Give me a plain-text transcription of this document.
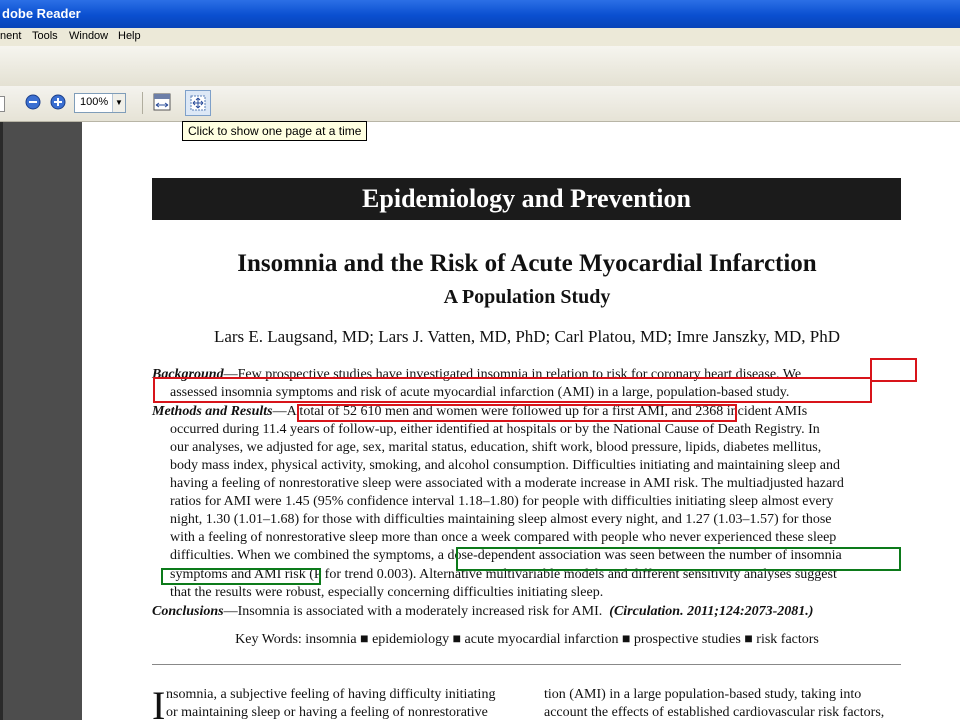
dobe Reader
nent Tools Window Help
100% ▼
Click to show one page at a time
Epidemiology and Prevention
Insomnia and the Risk of Acute Myocardial Infarction
A Population Study
Lars E. Laugsand, MD; Lars J. Vatten, MD, PhD; Carl Platou, MD; Imre Janszky, MD, PhD
Background—Few prospective studies have investigated insomnia in relation to risk for coronary heart disease. We
assessed insomnia symptoms and risk of acute myocardial infarction (AMI) in a large, population-based study.
Methods and Results—A total of 52 610 men and women were followed up for a first AMI, and 2368 incident AMIs
occurred during 11.4 years of follow-up, either identified at hospitals or by the National Cause of Death Registry. In
our analyses, we adjusted for age, sex, marital status, education, shift work, blood pressure, lipids, diabetes mellitus,
body mass index, physical activity, smoking, and alcohol consumption. Difficulties initiating and maintaining sleep and
having a feeling of nonrestorative sleep were associated with a moderate increase in AMI risk. The multiadjusted hazard
ratios for AMI were 1.45 (95% confidence interval 1.18–1.80) for people with difficulties initiating sleep almost every
night, 1.30 (1.01–1.68) for those with difficulties maintaining sleep almost every night, and 1.27 (1.03–1.57) for those
with a feeling of nonrestorative sleep more than once a week compared with people who never experienced these sleep
difficulties. When we combined the symptoms, a dose-dependent association was seen between the number of insomnia
symptoms and AMI risk (P for trend 0.003). Alternative multivariable models and different sensitivity analyses suggest
that the results were robust, especially concerning difficulties initiating sleep.
Conclusions—Insomnia is associated with a moderately increased risk for AMI. (Circulation. 2011;124:2073-2081.)
Key Words: insomnia ■ epidemiology ■ acute myocardial infarction ■ prospective studies ■ risk factors
I nsomnia, a subjective feeling of having difficulty initiating
or maintaining sleep or having a feeling of nonrestorative
tion (AMI) in a large population-based study, taking into
account the effects of established cardiovascular risk factors,
